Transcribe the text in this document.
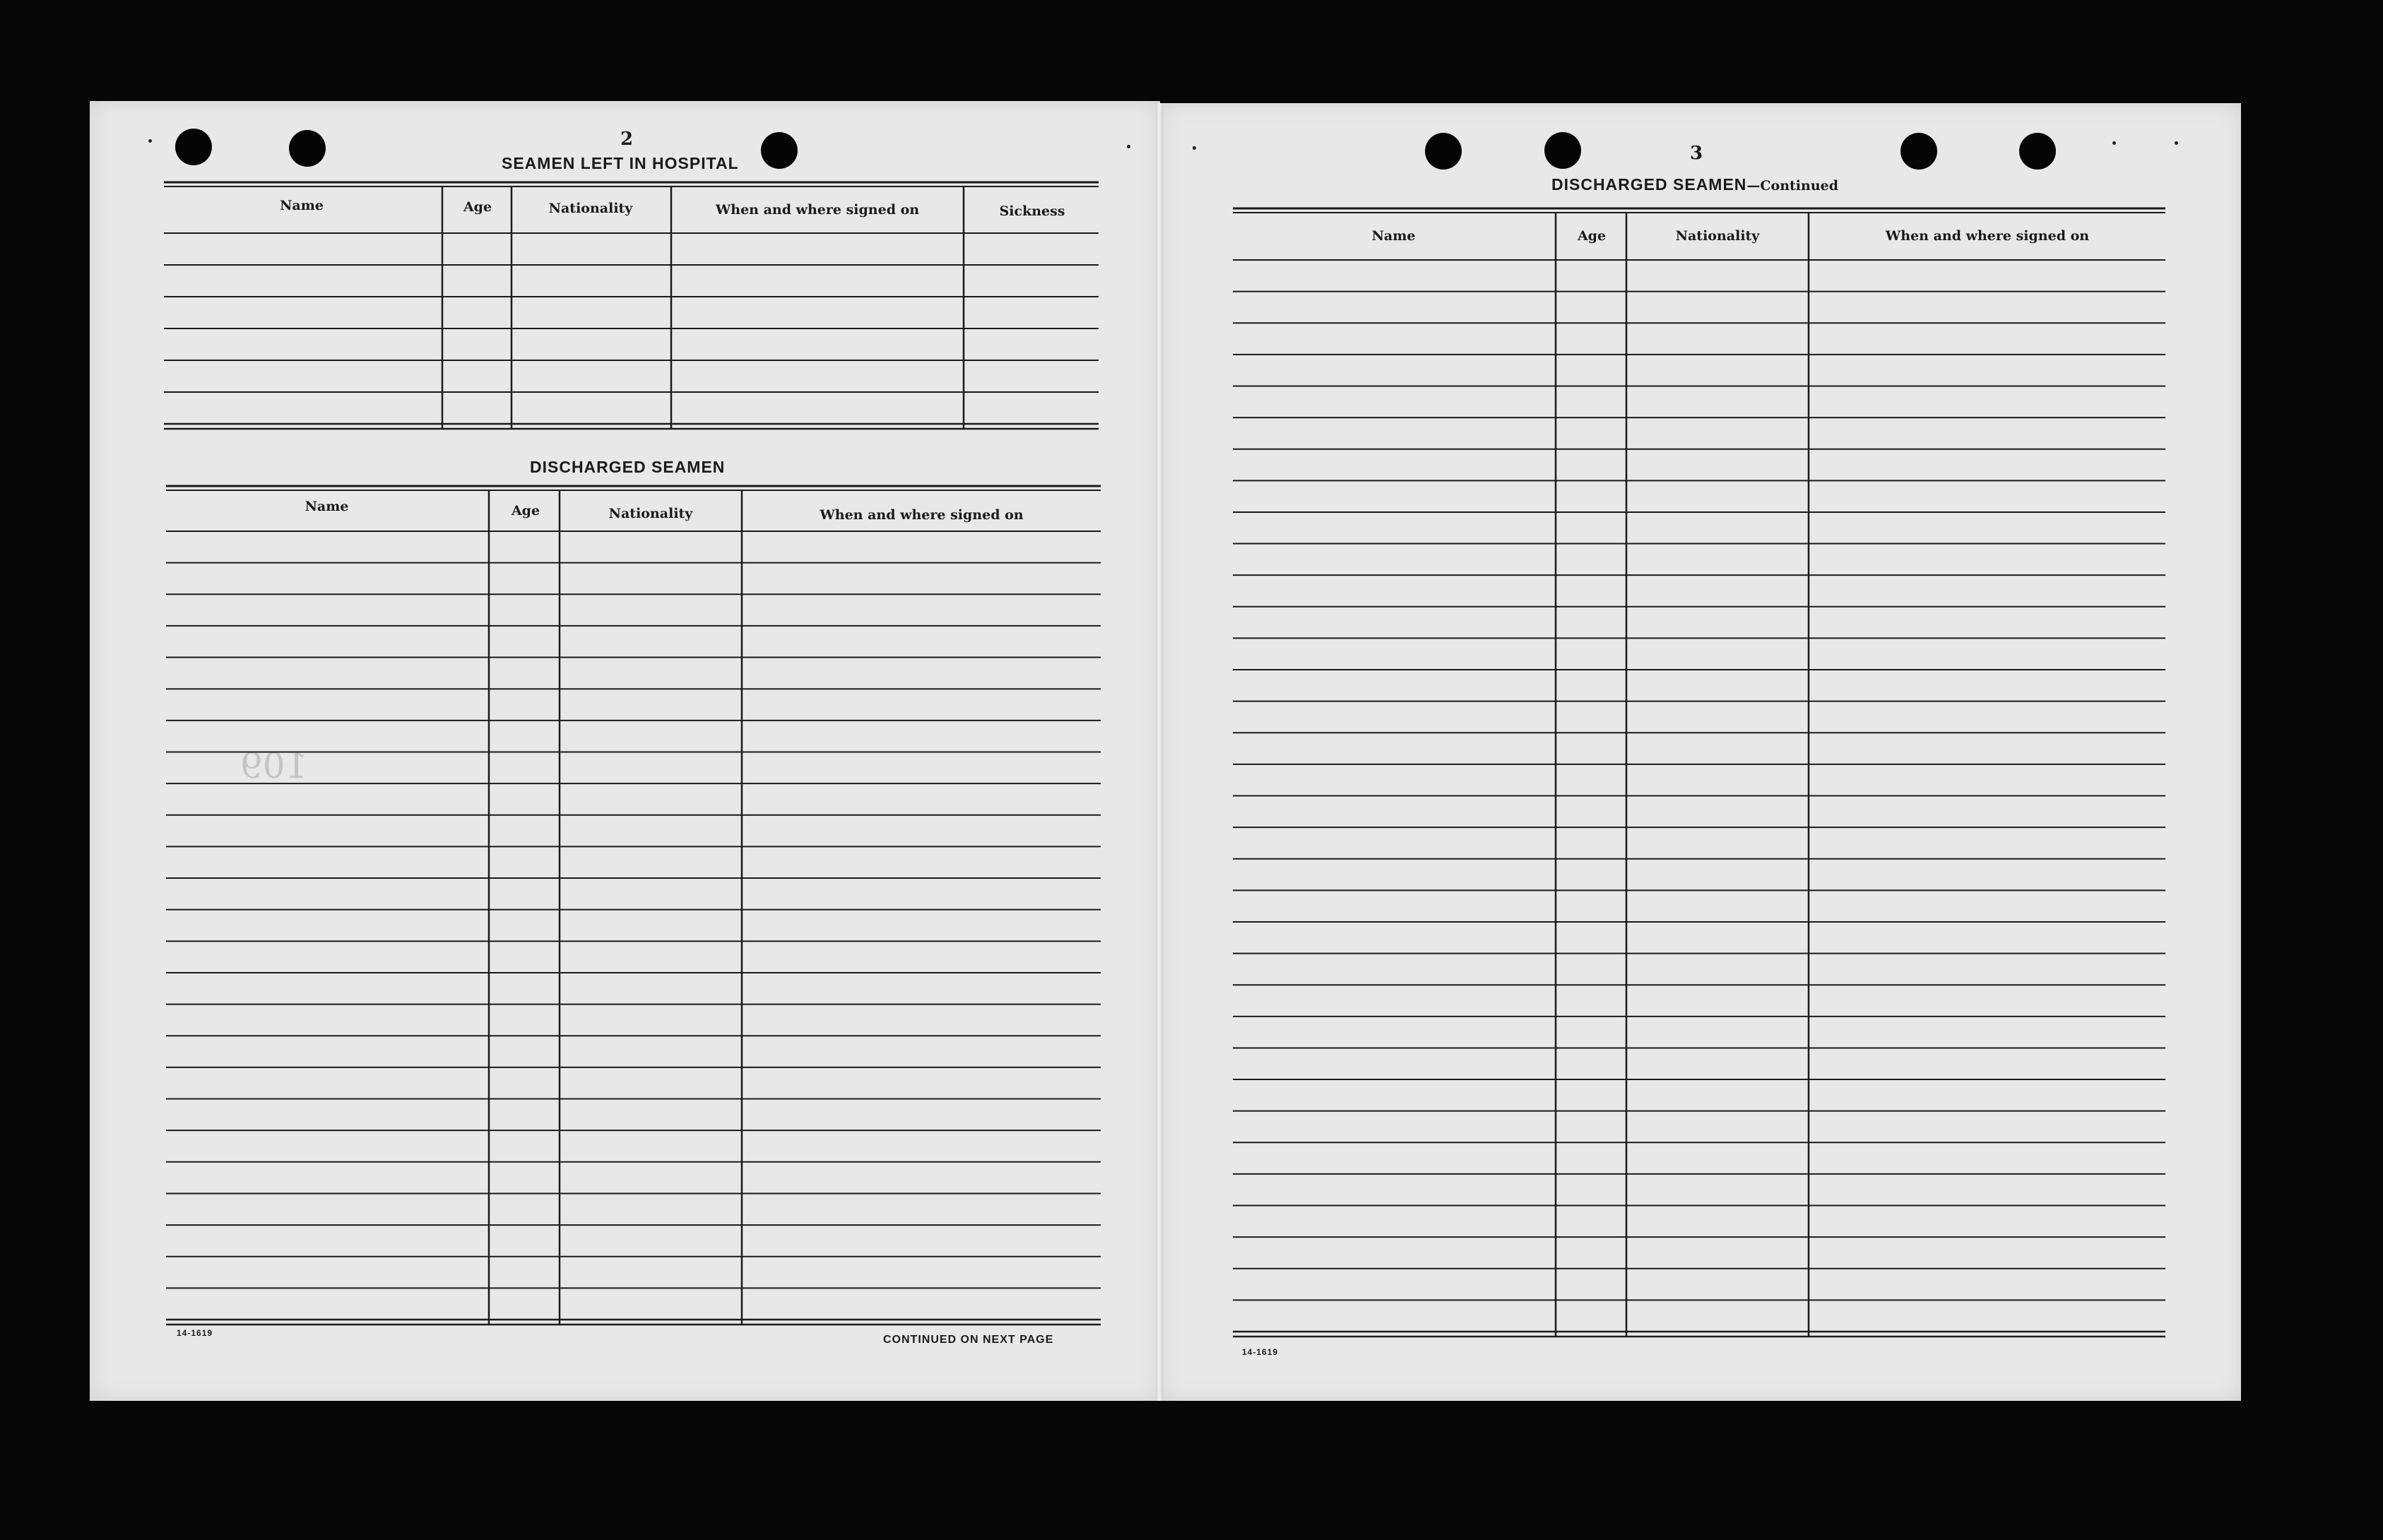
109
2
SEAMEN LEFT IN HOSPITAL
Name	Age	Nationality	When and where signed on	Sickness
DISCHARGED SEAMEN
Name	Age	Nationality	When and where signed on
14-1619
CONTINUED ON NEXT PAGE
3
DISCHARGED SEAMEN—Continued
Name	Age	Nationality	When and where signed on
14-1619
